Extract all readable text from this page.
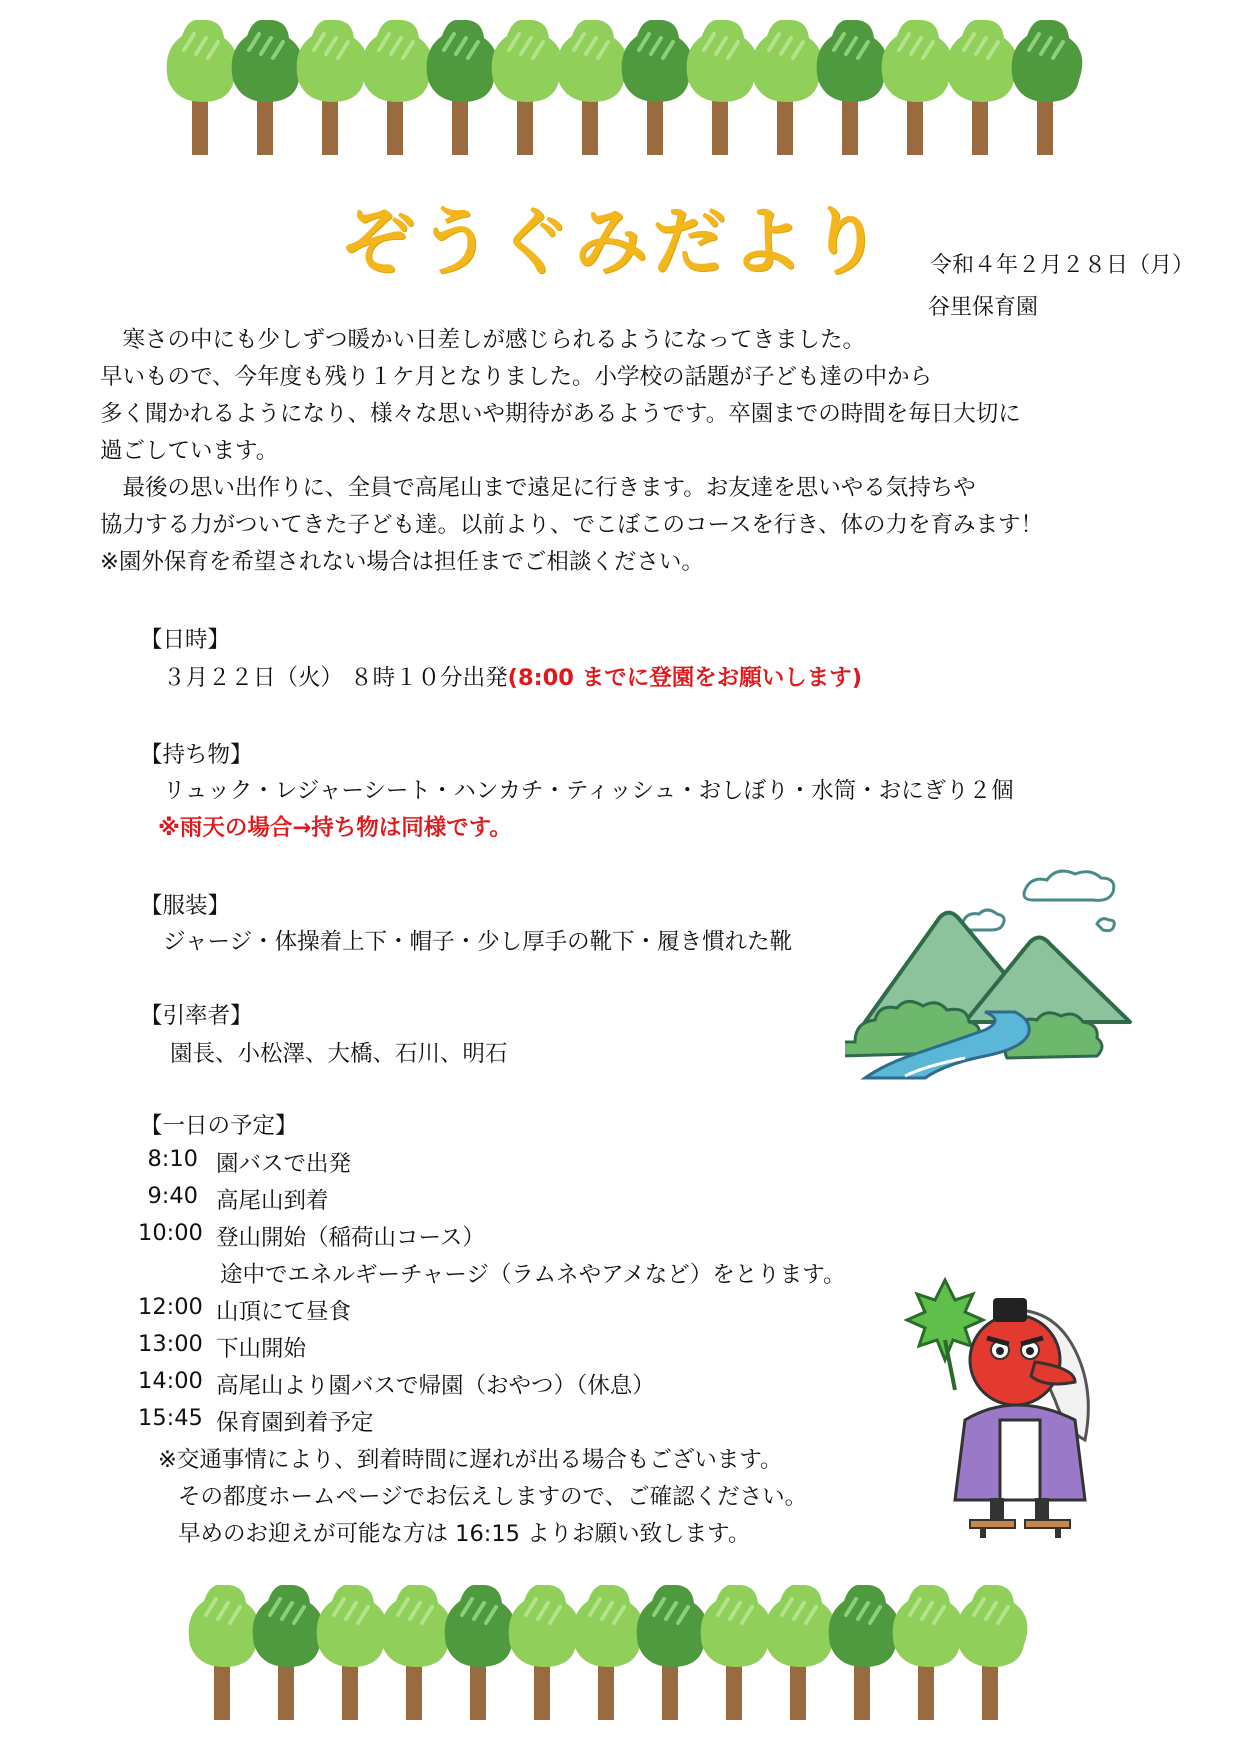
ぞうぐみだより 令和４年２月２８日（月）
谷里保育園
　寒さの中にも少しずつ暖かい日差しが感じられるようになってきました。
早いもので、今年度も残り１ケ月となりました。小学校の話題が子ども達の中から
多く聞かれるようになり、様々な思いや期待があるようです。卒園までの時間を毎日大切に
過ごしています。
　最後の思い出作りに、全員で高尾山まで遠足に行きます。お友達を思いやる気持ちや
協力する力がついてきた子ども達。以前より、でこぼこのコースを行き、体の力を育みます！
※園外保育を希望されない場合は担任までご相談ください。
【日時】
３月２２日（火） ８時１０分出発(8:00 までに登園をお願いします)
【持ち物】
リュック・レジャーシート・ハンカチ・ティッシュ・おしぼり・水筒・おにぎり２個
※雨天の場合→持ち物は同様です。
【服装】
ジャージ・体操着上下・帽子・少し厚手の靴下・履き慣れた靴
【引率者】
園長、小松澤、大橋、石川、明石
【一日の予定】
8:10 園バスで出発
9:40 高尾山到着
10:00 登山開始（稲荷山コース）
途中でエネルギーチャージ（ラムネやアメなど）をとります。
12:00 山頂にて昼食
13:00 下山開始
14:00 高尾山より園バスで帰園（おやつ）（休息）
15:45 保育園到着予定
※交通事情により、到着時間に遅れが出る場合もございます。
その都度ホームページでお伝えしますので、ご確認ください。
早めのお迎えが可能な方は 16:15 よりお願い致します。
